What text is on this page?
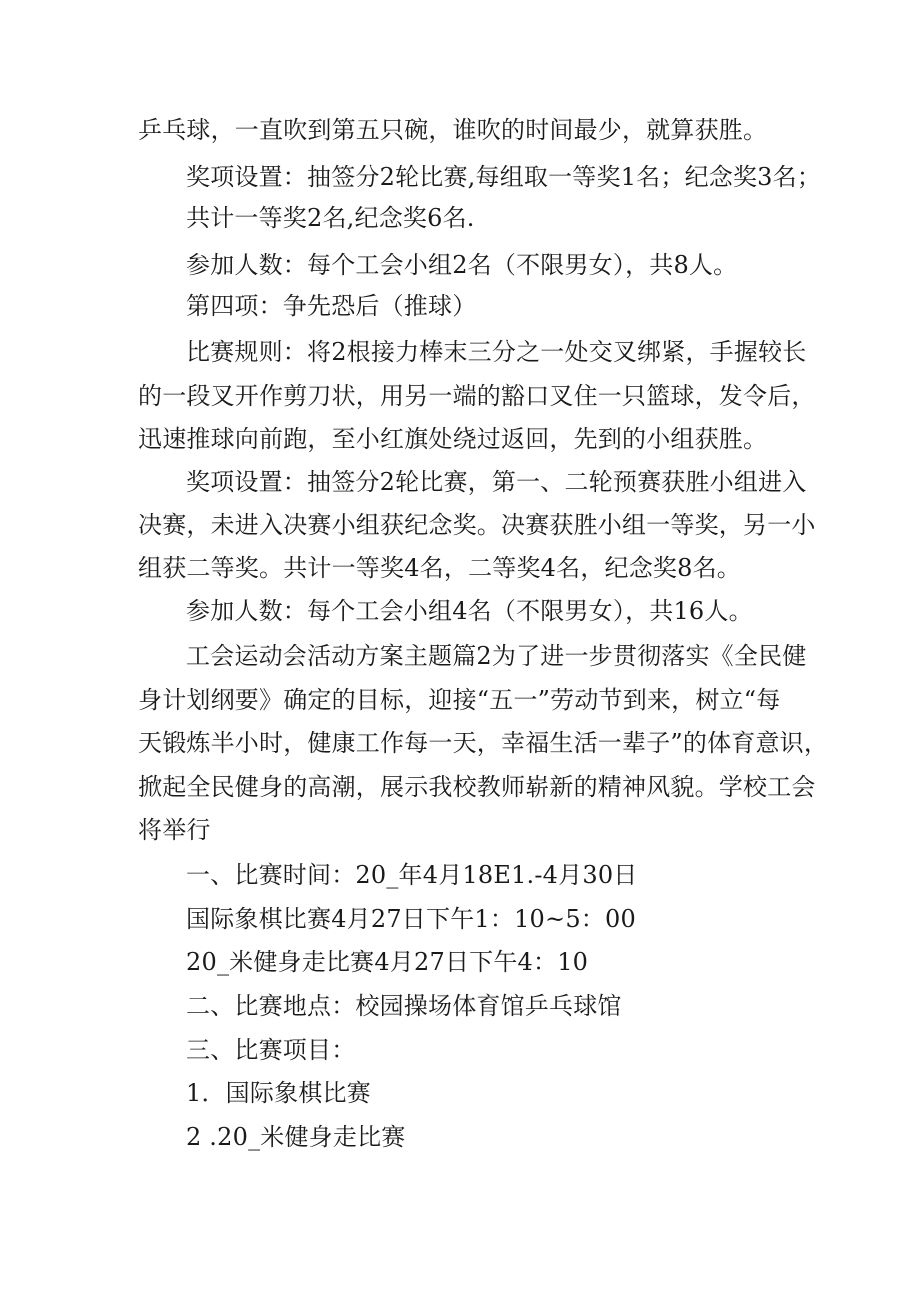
乒乓球，一直吹到第五只碗，谁吹的时间最少，就算获胜。
奖项设置：抽签分2轮比赛,每组取一等奖1名；纪念奖3名；
共计一等奖2名,纪念奖6名.
参加人数：每个工会小组2名（不限男女），共8人。
第四项：争先恐后（推球）
比赛规则：将2根接力棒末三分之一处交叉绑紧，手握较长
的一段叉开作剪刀状，用另一端的豁口叉住一只篮球，发令后，
迅速推球向前跑，至小红旗处绕过返回，先到的小组获胜。
奖项设置：抽签分2轮比赛，第一、二轮预赛获胜小组进入
决赛，未进入决赛小组获纪念奖。决赛获胜小组一等奖，另一小
组获二等奖。共计一等奖4名，二等奖4名，纪念奖8名。
参加人数：每个工会小组4名（不限男女），共16人。
工会运动会活动方案主题篇2为了进一步贯彻落实《全民健
身计划纲要》确定的目标，迎接“五一”劳动节到来，树立“每
天锻炼半小时，健康工作每一天，幸福生活一辈子”的体育意识，
掀起全民健身的高潮，展示我校教师崭新的精神风貌。学校工会
将举行
一、比赛时间：20_年4月18E1.-4月30日
国际象棋比赛4月27日下午1：10~5：00
20_米健身走比赛4月27日下午4：10
二、比赛地点：校园操场体育馆乒乓球馆
三、比赛项目：
1．国际象棋比赛
2 .20_米健身走比赛
